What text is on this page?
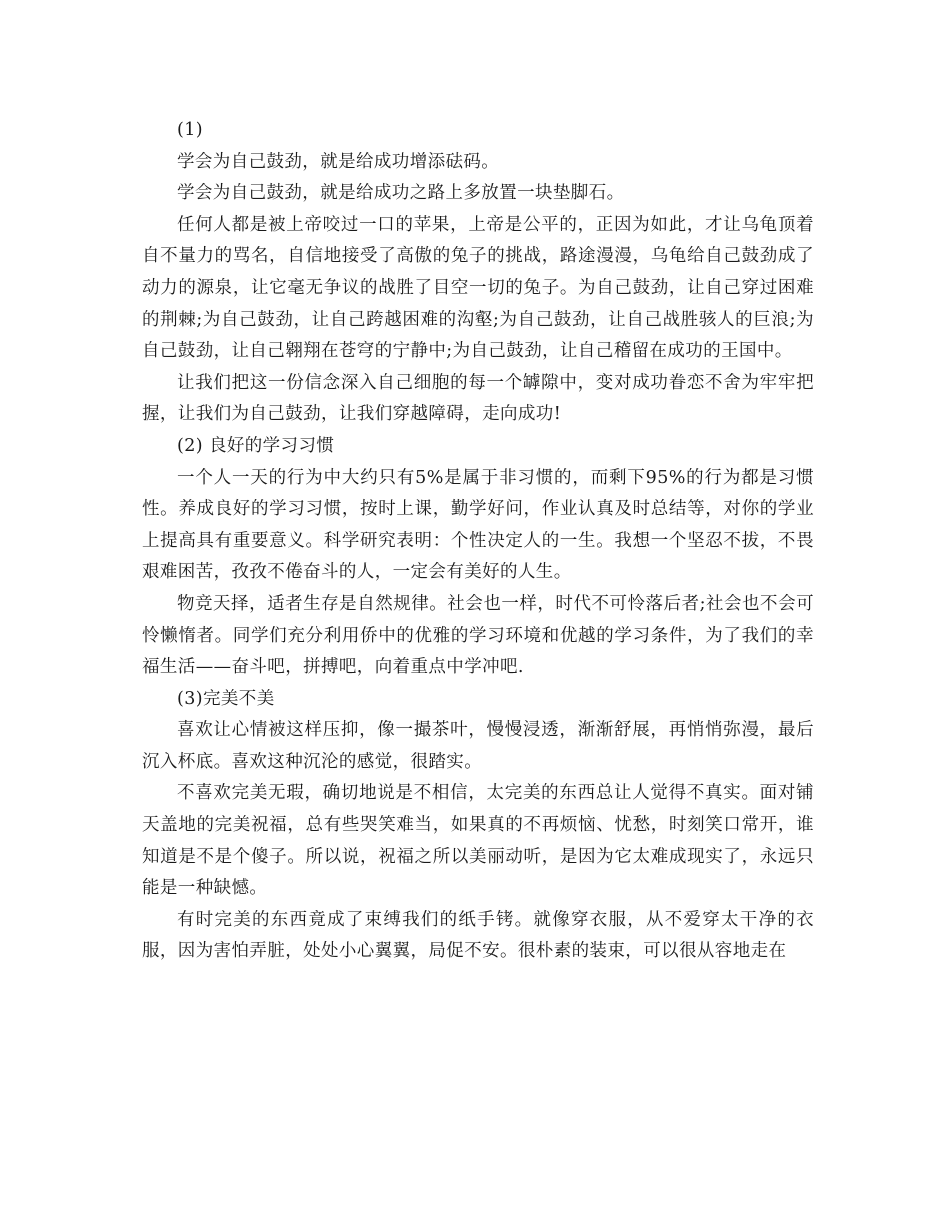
(1)

学会为自己鼓劲，就是给成功增添砝码。

学会为自己鼓劲，就是给成功之路上多放置一块垫脚石。

任何人都是被上帝咬过一口的苹果，上帝是公平的，正因为如此，才让乌龟顶着自不量力的骂名，自信地接受了高傲的兔子的挑战，路途漫漫，乌龟给自己鼓劲成了动力的源泉，让它毫无争议的战胜了目空一切的兔子。为自己鼓劲，让自己穿过困难的荆棘;为自己鼓劲，让自己跨越困难的沟壑;为自己鼓劲，让自己战胜骇人的巨浪;为自己鼓劲，让自己翱翔在苍穹的宁静中;为自己鼓劲，让自己稽留在成功的王国中。

让我们把这一份信念深入自己细胞的每一个罅隙中，变对成功眷恋不舍为牢牢把握，让我们为自己鼓劲，让我们穿越障碍，走向成功!

(2) 良好的学习习惯

一个人一天的行为中大约只有5%是属于非习惯的，而剩下95%的行为都是习惯性。养成良好的学习习惯，按时上课，勤学好问，作业认真及时总结等，对你的学业上提高具有重要意义。科学研究表明：个性决定人的一生。我想一个坚忍不拔，不畏艰难困苦，孜孜不倦奋斗的人，一定会有美好的人生。

物竞天择，适者生存是自然规律。社会也一样，时代不可怜落后者;社会也不会可怜懒惰者。同学们充分利用侨中的优雅的学习环境和优越的学习条件，为了我们的幸福生活——奋斗吧，拼搏吧，向着重点中学冲吧.

(3)完美不美

喜欢让心情被这样压抑，像一撮茶叶，慢慢浸透，渐渐舒展，再悄悄弥漫，最后沉入杯底。喜欢这种沉沦的感觉，很踏实。

不喜欢完美无瑕，确切地说是不相信，太完美的东西总让人觉得不真实。面对铺天盖地的完美祝福，总有些哭笑难当，如果真的不再烦恼、忧愁，时刻笑口常开，谁知道是不是个傻子。所以说，祝福之所以美丽动听，是因为它太难成现实了，永远只能是一种缺憾。

有时完美的东西竟成了束缚我们的纸手铐。就像穿衣服，从不爱穿太干净的衣服，因为害怕弄脏，处处小心翼翼，局促不安。很朴素的装束，可以很从容地走在
